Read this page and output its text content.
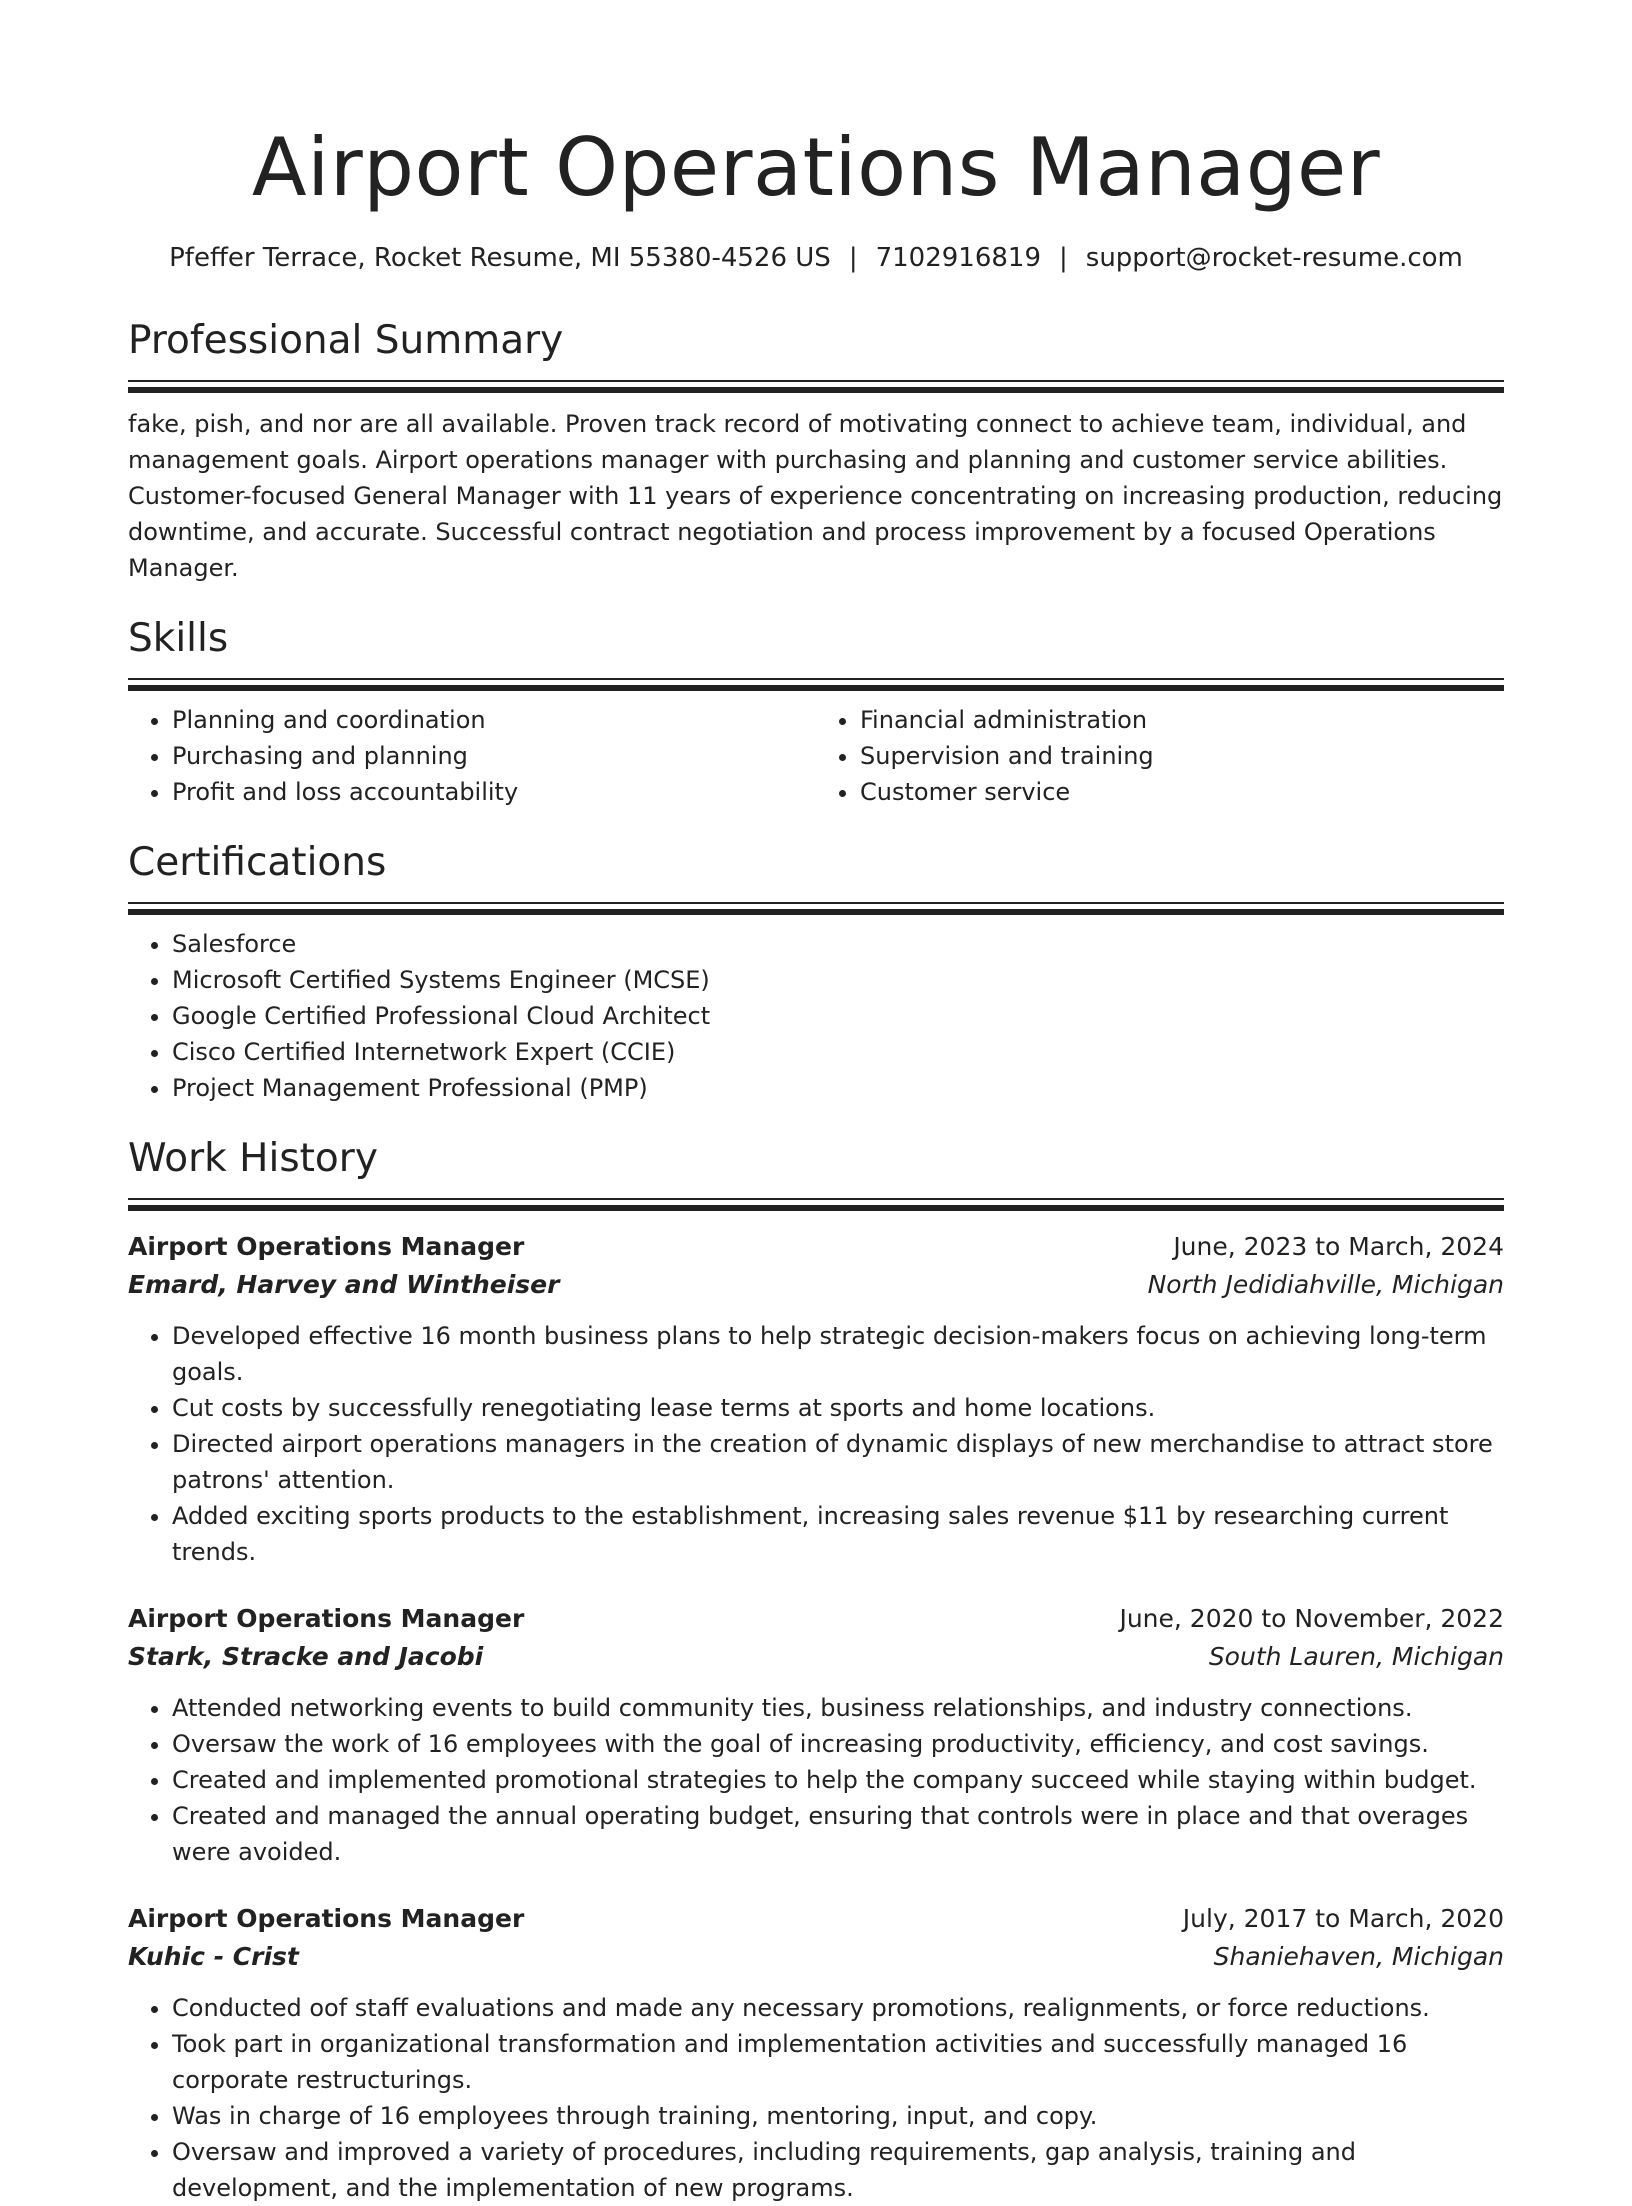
Airport Operations Manager
Pfeffer Terrace, Rocket Resume, MI 55380-4526 US | 7102916819 | support@rocket-resume.com
Professional Summary
fake, pish, and nor are all available. Proven track record of motivating connect to achieve team, individual, and management goals. Airport operations manager with purchasing and planning and customer service abilities. Customer-focused General Manager with 11 years of experience concentrating on increasing production, reducing downtime, and accurate. Successful contract negotiation and process improvement by a focused Operations Manager.
Skills
• Planning and coordination
• Purchasing and planning
• Profit and loss accountability
• Financial administration
• Supervision and training
• Customer service
Certifications
• Salesforce
• Microsoft Certified Systems Engineer (MCSE)
• Google Certified Professional Cloud Architect
• Cisco Certified Internetwork Expert (CCIE)
• Project Management Professional (PMP)
Work History
Airport Operations Manager	June, 2023 to March, 2024
Emard, Harvey and Wintheiser	North Jedidiahville, Michigan
• Developed effective 16 month business plans to help strategic decision-makers focus on achieving long-term goals.
• Cut costs by successfully renegotiating lease terms at sports and home locations.
• Directed airport operations managers in the creation of dynamic displays of new merchandise to attract store patrons' attention.
• Added exciting sports products to the establishment, increasing sales revenue $11 by researching current trends.
Airport Operations Manager	June, 2020 to November, 2022
Stark, Stracke and Jacobi	South Lauren, Michigan
• Attended networking events to build community ties, business relationships, and industry connections.
• Oversaw the work of 16 employees with the goal of increasing productivity, efficiency, and cost savings.
• Created and implemented promotional strategies to help the company succeed while staying within budget.
• Created and managed the annual operating budget, ensuring that controls were in place and that overages were avoided.
Airport Operations Manager	July, 2017 to March, 2020
Kuhic - Crist	Shaniehaven, Michigan
• Conducted oof staff evaluations and made any necessary promotions, realignments, or force reductions.
• Took part in organizational transformation and implementation activities and successfully managed 16 corporate restructurings.
• Was in charge of 16 employees through training, mentoring, input, and copy.
• Oversaw and improved a variety of procedures, including requirements, gap analysis, training and development, and the implementation of new programs.
